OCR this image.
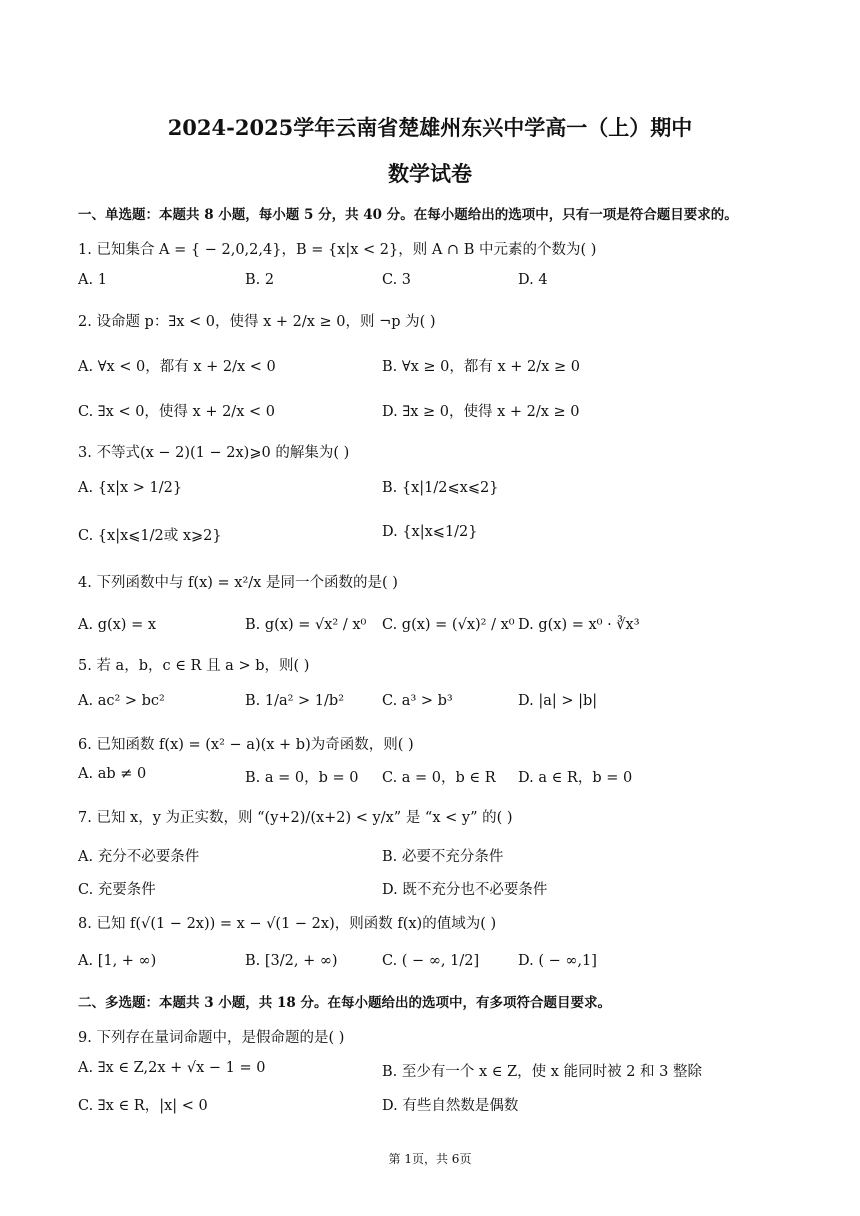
2024-2025学年云南省楚雄州东兴中学高一（上）期中
数学试卷
一、单选题：本题共 8 小题，每小题 5 分，共 40 分。在每小题给出的选项中，只有一项是符合题目要求的。
1. 已知集合 A = { − 2,0,2,4}，B = {x|x < 2}，则 A ∩ B 中元素的个数为( )
A. 1	B. 2	C. 3	D. 4
2. 设命题 p：∃x < 0，使得 x + 2/x ≥ 0，则 ¬p 为( )
A. ∀x < 0，都有 x + 2/x < 0	B. ∀x ≥ 0，都有 x + 2/x ≥ 0
C. ∃x < 0，使得 x + 2/x < 0	D. ∃x ≥ 0，使得 x + 2/x ≥ 0
3. 不等式(x − 2)(1 − 2x)⩾0 的解集为( )
A. {x|x > 1/2}	B. {x|1/2⩽x⩽2}
C. {x|x⩽1/2或 x⩾2}	D. {x|x⩽1/2}
4. 下列函数中与 f(x) = x²/x 是同一个函数的是( )
A. g(x) = x	B. g(x) = √x² / x⁰ C. g(x) = (√x)² / x⁰ D. g(x) = x⁰ · ∛x³
5. 若 a，b，c ∈ R 且 a > b，则( )
A. ac² > bc²	B. 1/a² > 1/b²	C. a³ > b³	D. |a| > |b|
6. 已知函数 f(x) = (x² − a)(x + b)为奇函数，则( )
A. ab ≠ 0	B. a = 0，b = 0 C. a = 0，b ∈ R D. a ∈ R，b = 0
7. 已知 x，y 为正实数，则 “(y+2)/(x+2) < y/x” 是 “x < y” 的( )
A. 充分不必要条件	B. 必要不充分条件
C. 充要条件	D. 既不充分也不必要条件
8. 已知 f(√(1 − 2x)) = x − √(1 − 2x)，则函数 f(x)的值域为( )
A. [1, + ∞)	B. [3/2, + ∞)	C. ( − ∞, 1/2]	D. ( − ∞,1]
二、多选题：本题共 3 小题，共 18 分。在每小题给出的选项中，有多项符合题目要求。
9. 下列存在量词命题中，是假命题的是( )
A. ∃x ∈ Z,2x + √x − 1 = 0	B. 至少有一个 x ∈ Z，使 x 能同时被 2 和 3 整除
C. ∃x ∈ R，|x| < 0	D. 有些自然数是偶数
第 1页，共 6页
